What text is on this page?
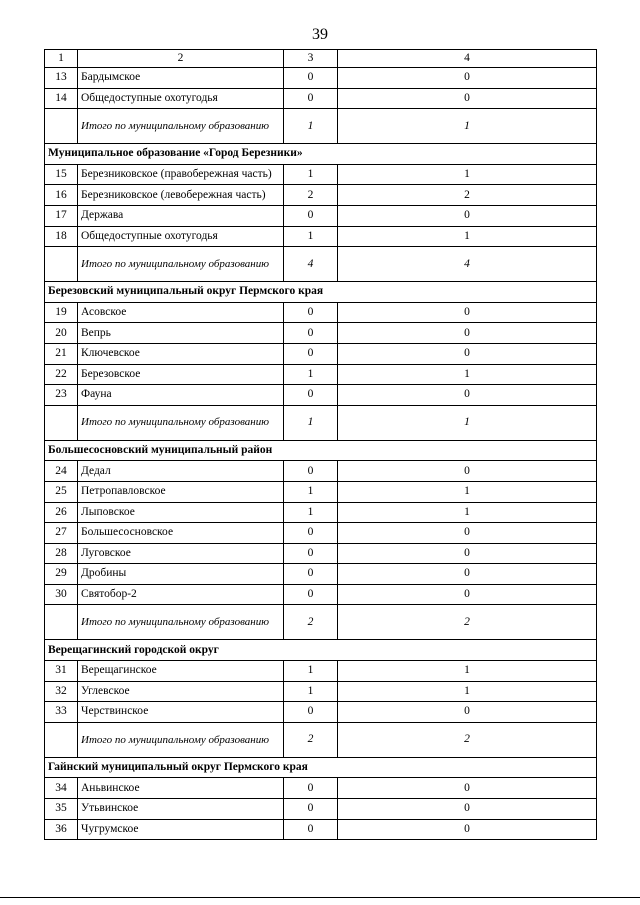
39
1	2	3	4
13	Бардымское	0	0
14	Общедоступные охотугодья	0	0
	Итого по муниципальному образованию	1	1
Муниципальное образование «Город Березники»			
15	Березниковское (правобережная часть)	1	1
16	Березниковское (левобережная часть)	2	2
17	Держава	0	0
18	Общедоступные охотугодья	1	1
	Итого по муниципальному образованию	4	4
Березовский муниципальный округ Пермского края			
19	Асовское	0	0
20	Вепрь	0	0
21	Ключевское	0	0
22	Березовское	1	1
23	Фауна	0	0
	Итого по муниципальному образованию	1	1
Большесосновский муниципальный район			
24	Дедал	0	0
25	Петропавловское	1	1
26	Лыповское	1	1
27	Большесосновское	0	0
28	Луговское	0	0
29	Дробины	0	0
30	Святобор-2	0	0
	Итого по муниципальному образованию	2	2
Верещагинский городской округ			
31	Верещагинское	1	1
32	Углевское	1	1
33	Черствинское	0	0
	Итого по муниципальному образованию	2	2
Гайнский муниципальный округ Пермского края			
34	Аньвинское	0	0
35	Утьвинское	0	0
36	Чугрумское	0	0
